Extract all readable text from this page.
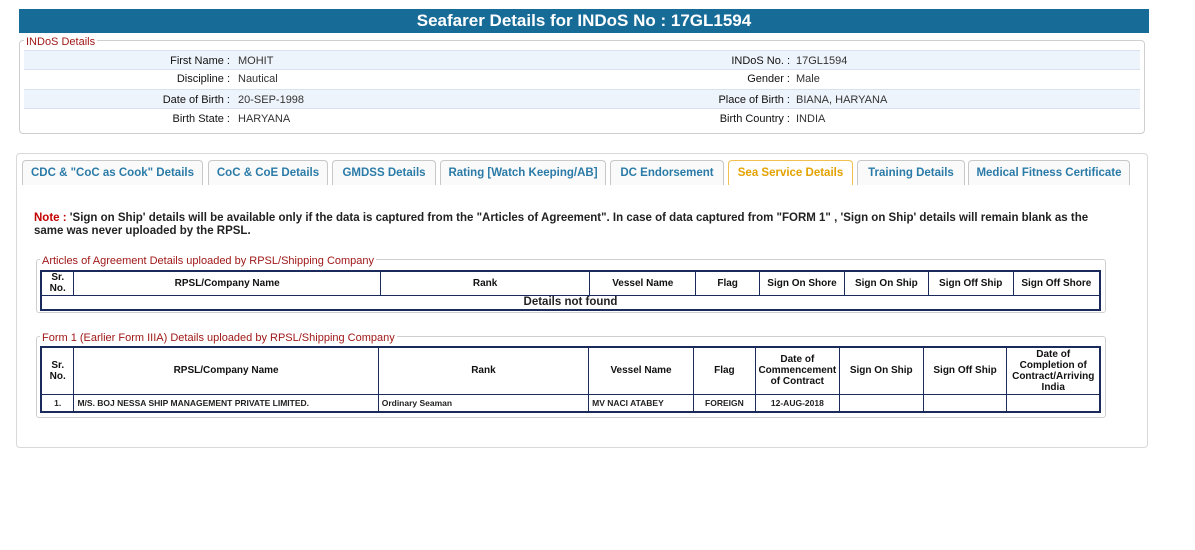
Seafarer Details for INDoS No : 17GL1594
INDoS Details
First Name : MOHIT	INDoS No. : 17GL1594
Discipline : Nautical	Gender : Male
Date of Birth : 20-SEP-1998	Place of Birth : BIANA, HARYANA
Birth State : HARYANA	Birth Country : INDIA
CDC & "CoC as Cook" Details	CoC & CoE Details	GMDSS Details	Rating [Watch Keeping/AB]	DC Endorsement	Sea Service Details	Training Details	Medical Fitness Certificate
Note : 'Sign on Ship' details will be available only if the data is captured from the "Articles of Agreement". In case of data captured from "FORM 1" , 'Sign on Ship' details will remain blank as the same was never uploaded by the RPSL.
Articles of Agreement Details uploaded by RPSL/Shipping Company
Sr. No.	RPSL/Company Name	Rank	Vessel Name	Flag	Sign On Shore	Sign On Ship	Sign Off Ship	Sign Off Shore
Details not found
Form 1 (Earlier Form IIIA) Details uploaded by RPSL/Shipping Company
Sr. No.	RPSL/Company Name	Rank	Vessel Name	Flag	Date of Commencement of Contract	Sign On Ship	Sign Off Ship	Date of Completion of Contract/Arriving India
1.	M/S. BOJ NESSA SHIP MANAGEMENT PRIVATE LIMITED.	Ordinary Seaman	MV NACI ATABEY	FOREIGN	12-AUG-2018			
